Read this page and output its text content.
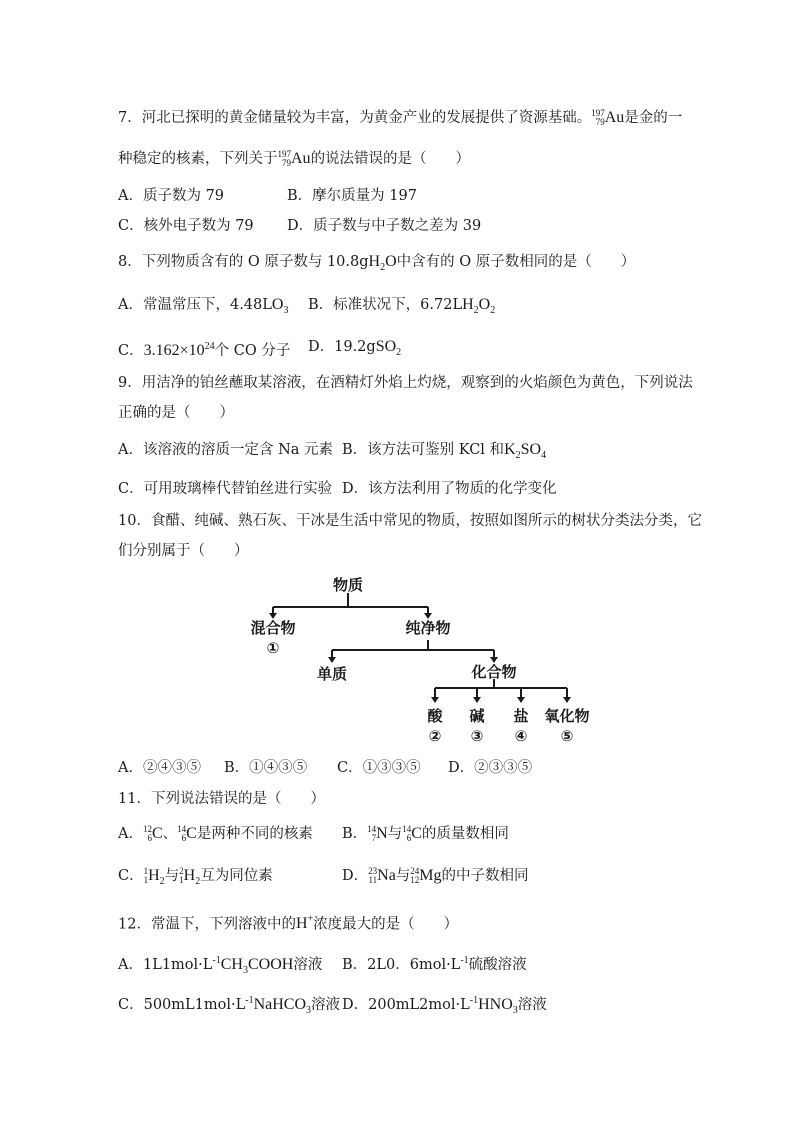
7．河北已探明的黄金储量较为丰富，为黄金产业的发展提供了资源基础。 197
79 Au是金的一
种稳定的核素，下列关于 197
79 Au的说法错误的是（　　）
A．质子数为 79	B．摩尔质量为 197
C．核外电子数为 79 D．质子数与中子数之差为 39
8．下列物质含有的 O 原子数与 $10.8gH_2O$中含有的 O 原子数相同的是（　　）
A．常温常压下，$4.48LO_3$ B．标准状况下，$6.72LH_2O_2$
C．$3.162\times 10^{24}$个 CO 分子 D．19.2gSO$_2$
9．用洁净的铂丝蘸取某溶液，在酒精灯外焰上灼烧，观察到的火焰颜色为黄色，下列说法
正确的是（　　）
A．该溶液的溶质一定含 Na 元素 B．该方法可鉴别 KCl 和$K_2SO_4$
C．可用玻璃棒代替铂丝进行实验 D．该方法利用了物质的化学变化
10．食醋、纯碱、熟石灰、干冰是生活中常见的物质，按照如图所示的树状分类法分类，它
们分别属于（　　）
物质
混合物
①
纯净物
单质	化合物
酸
②
碱
③
盐
④
氧化物
⑤
A．②④③⑤ B．①④③⑤ C．①③③⑤ D．②③③⑤
11．下列说法错误的是（　　）
A． 12
6 C、 14
6 C是两种不同的核素 B． 14
7 N与 14
6 C的质量数相同
C． 1
1 $H_2$与 2
1 $H_2$互为同位素	D． 23
11 Na与 24
12 Mg的中子数相同
12．常温下，下列溶液中的H+浓度最大的是（　　）
A．$1L1mol\cdot L^{-1}CH_3COOH$溶液 B．2L0．$6mol\cdot L^{-1}$硫酸溶液
C．$500mL1mol\cdot L^{-1}NaHCO_3$溶液 D．$200mL2mol\cdot L^{-1}HNO_3$溶液
